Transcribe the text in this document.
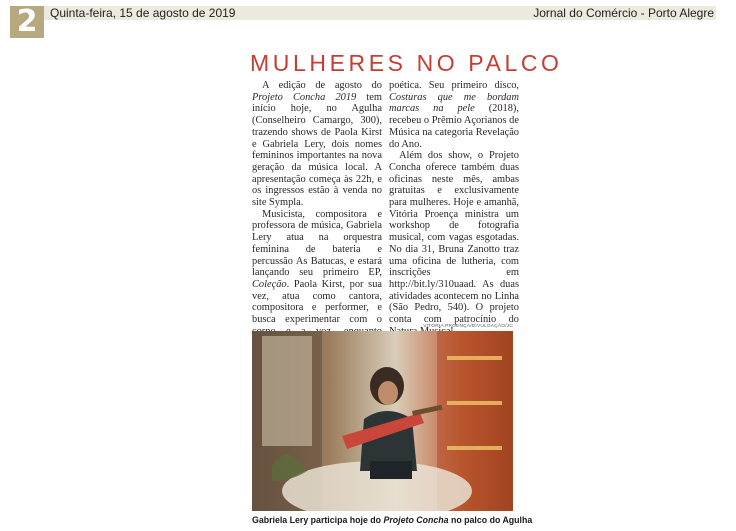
2	Quinta-feira, 15 de agosto de 2019	Jornal do Comércio - Porto Alegre
MULHERES NO PALCO

A edição de agosto do Projeto Concha 2019 tem início hoje, no Agulha (Conselheiro Camargo, 300), trazendo shows de Paola Kirst e Gabriela Lery, dois nomes femininos importantes na nova geração da música local. A apresentação começa às 22h, e os ingressos estão à venda no site Sympla.

Musicista, compositora e professora de música, Gabriela Lery atua na orquestra feminina de bateria e percussão As Batucas, e estará lançando seu primeiro EP, Coleção. Paola Kirst, por sua vez, atua como cantora, compositora e performer, e busca experimentar com o

poética. Seu primeiro disco, Costuras que me bordam marcas na pele (2018), recebeu o Prêmio Açorianos de Música na categoria Revelação do Ano.

Além dos show, o Projeto Concha oferece também duas oficinas neste mês, ambas gratuitas e exclusivamente para mulheres. Hoje e amanhã, Vitória Proença ministra um workshop de fotografia musical, com vagas esgotadas. No dia 31, Bruna Zanotto traz uma oficina de lutheria, com inscrições em http://bit.ly/310uaad. As duas atividades acontecem no Linha (São Pedro, 540). O projeto conta com patrocínio do

VITÓRIA PROENÇA/DIVULGAÇÃO/JC
Gabriela Lery participa hoje do Projeto Concha no palco do Agulha
